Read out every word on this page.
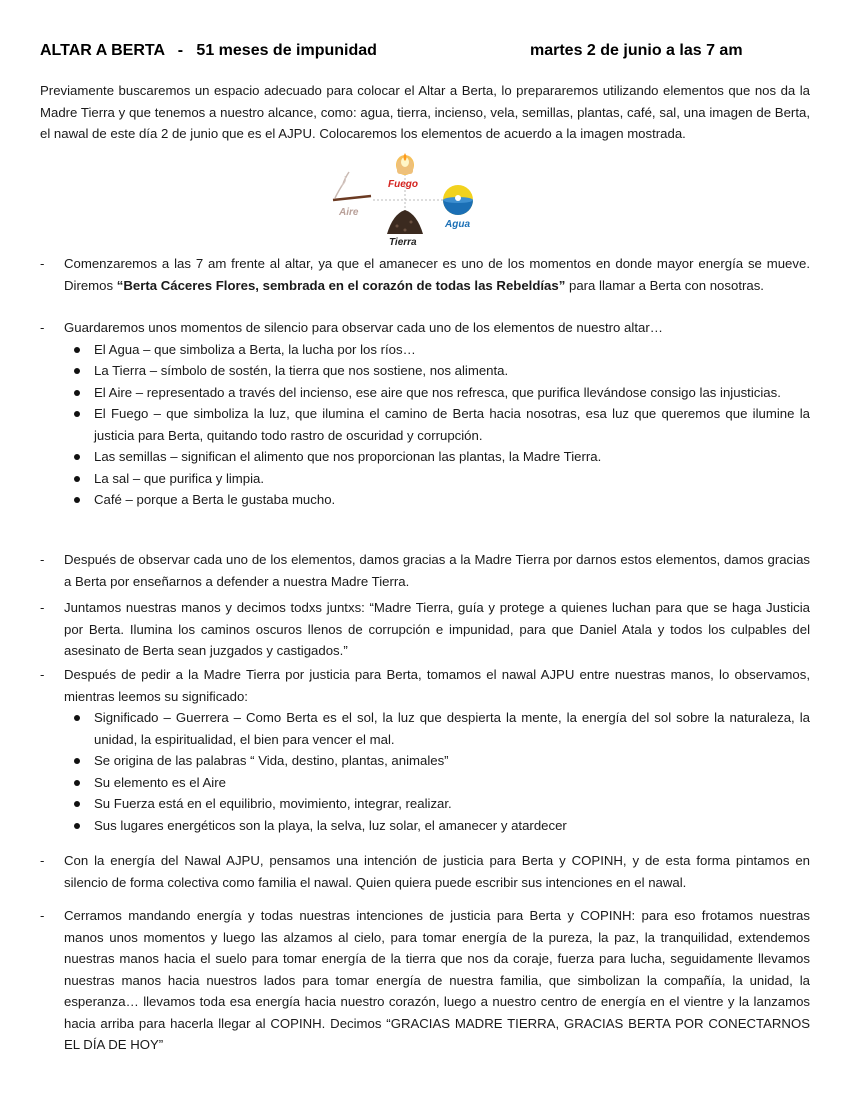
ALTAR A BERTA   -   51 meses de impunidad	martes 2 de junio a las 7 am

Previamente buscaremos un espacio adecuado para colocar el Altar a Berta, lo prepararemos utilizando elementos que nos da la Madre Tierra y que tenemos a nuestro alcance, como: agua, tierra, incienso, vela, semillas, plantas, café, sal, una imagen de Berta, el nawal de este día 2 de junio que es el AJPU. Colocaremos los elementos de acuerdo a la imagen mostrada.

Fuego
Aire
Agua
Tierra
- Comenzaremos a las 7 am frente al altar, ya que el amanecer es uno de los momentos en donde mayor energía se mueve. Diremos “Berta Cáceres Flores, sembrada en el corazón de todas las Rebeldías” para llamar a Berta con nosotras.
- Guardaremos unos momentos de silencio para observar cada uno de los elementos de nuestro altar…
El Agua – que simboliza a Berta, la lucha por los ríos…
La Tierra – símbolo de sostén, la tierra que nos sostiene, nos alimenta.
El Aire – representado a través del incienso, ese aire que nos refresca, que purifica llevándose consigo las injusticias.
El Fuego – que simboliza la luz, que ilumina el camino de Berta hacia nosotras, esa luz que queremos que ilumine la justicia para Berta, quitando todo rastro de oscuridad y corrupción.
Las semillas – significan el alimento que nos proporcionan las plantas, la Madre Tierra.
La sal – que purifica y limpia.
Café – porque a Berta le gustaba mucho.
- Después de observar cada uno de los elementos, damos gracias a la Madre Tierra por darnos estos elementos, damos gracias a Berta por enseñarnos a defender a nuestra Madre Tierra.
- Juntamos nuestras manos y decimos todxs juntxs: “Madre Tierra, guía y protege a quienes luchan para que se haga Justicia por Berta. Ilumina los caminos oscuros llenos de corrupción e impunidad, para que Daniel Atala y todos los culpables del asesinato de Berta sean juzgados y castigados.”
- Después de pedir a la Madre Tierra por justicia para Berta, tomamos el nawal AJPU entre nuestras manos, lo observamos, mientras leemos su significado:
Significado – Guerrera – Como Berta es el sol, la luz que despierta la mente, la energía del sol sobre la naturaleza, la unidad, la espiritualidad, el bien para vencer el mal.
Se origina de las palabras “ Vida, destino, plantas, animales”
Su elemento es el Aire
Su Fuerza está en el equilibrio, movimiento, integrar, realizar.
Sus lugares energéticos son la playa, la selva, luz solar, el amanecer y atardecer
- Con la energía del Nawal AJPU, pensamos una intención de justicia para Berta y COPINH, y de esta forma pintamos en silencio de forma colectiva como familia el nawal. Quien quiera puede escribir sus intenciones en el nawal.
- Cerramos mandando energía y todas nuestras intenciones de justicia para Berta y COPINH: para eso frotamos nuestras manos unos momentos y luego las alzamos al cielo, para tomar energía de la pureza, la paz, la tranquilidad, extendemos nuestras manos hacia el suelo para tomar energía de la tierra que nos da coraje, fuerza para lucha, seguidamente llevamos nuestras manos hacia nuestros lados para tomar energía de nuestra familia, que simbolizan la compañía, la unidad, la esperanza… llevamos toda esa energía hacia nuestro corazón, luego a nuestro centro de energía en el vientre y la lanzamos hacia arriba para hacerla llegar al COPINH. Decimos “GRACIAS MADRE TIERRA, GRACIAS BERTA POR CONECTARNOS EL DÍA DE HOY”
